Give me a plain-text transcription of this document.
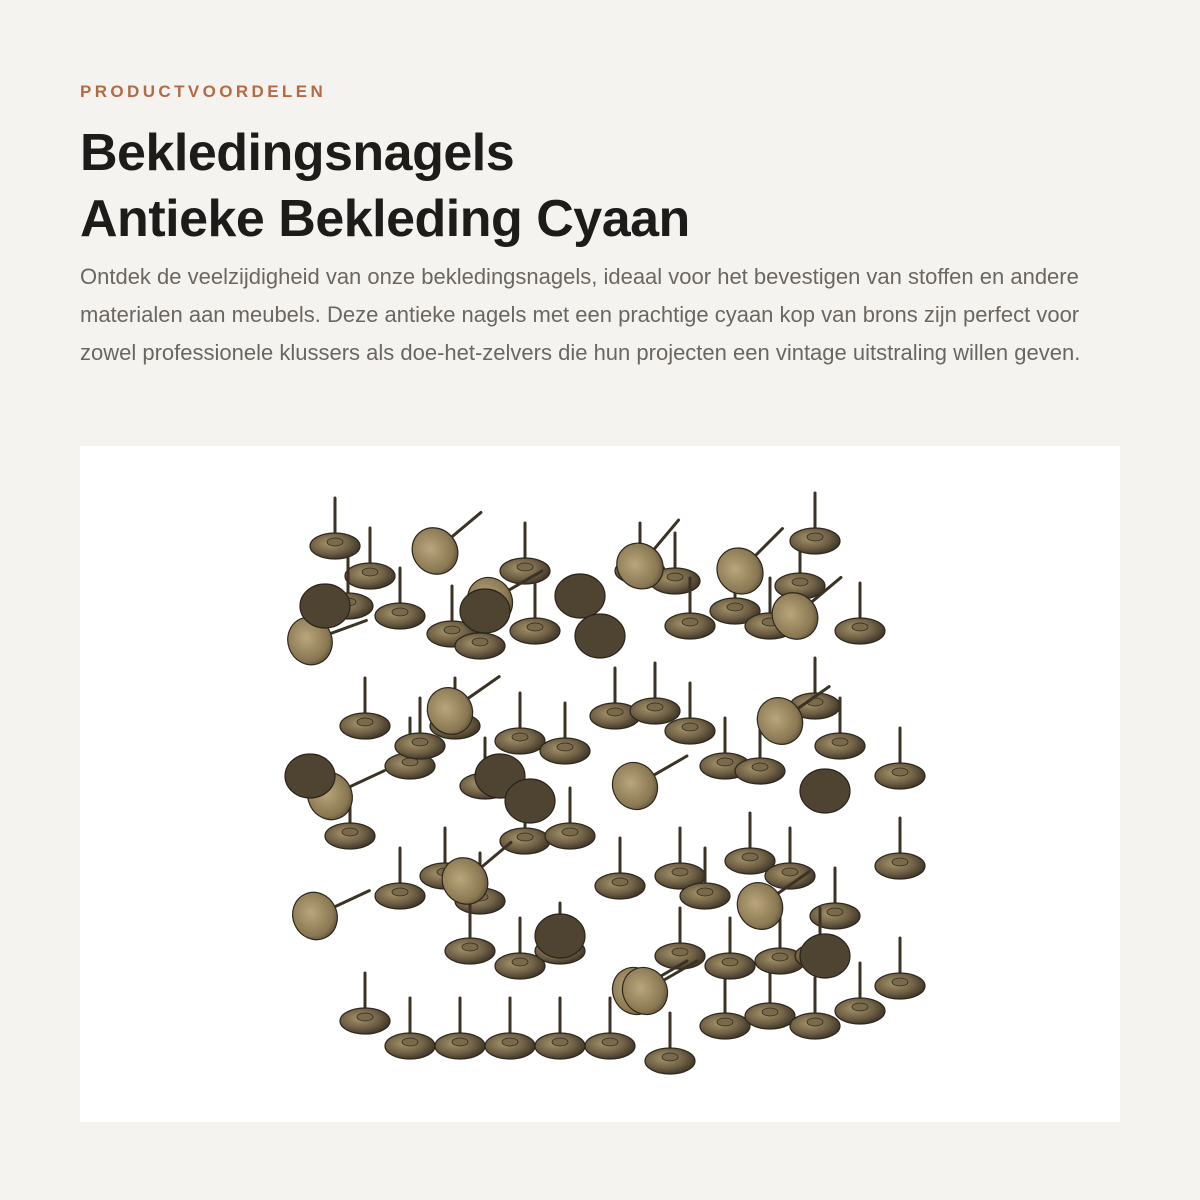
PRODUCTVOORDELEN
Bekledingsnagels
Antieke Bekleding Cyaan

Ontdek de veelzijdigheid van onze bekledingsnagels, ideaal voor het bevestigen van stoffen en andere materialen aan meubels. Deze antieke nagels met een prachtige cyaan kop van brons zijn perfect voor zowel professionele klussers als doe-het-zelvers die hun projecten een vintage uitstraling willen geven.
